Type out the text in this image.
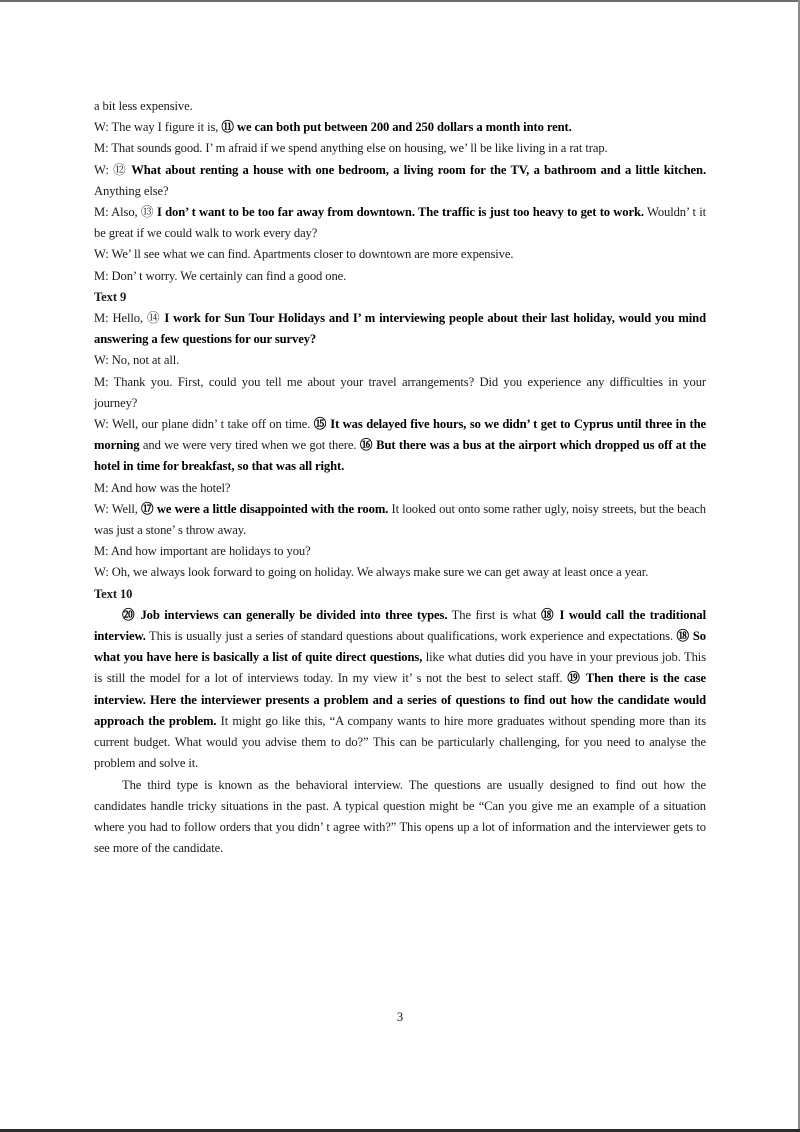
a bit less expensive.

W: The way I figure it is, ⑪ we can both put between 200 and 250 dollars a month into rent.

M: That sounds good. I’ m afraid if we spend anything else on housing, we’ ll be like living in a rat trap.

W: ⑫ What about renting a house with one bedroom, a living room for the TV, a bathroom and a little kitchen. Anything else?

M: Also, ⑬ I don’ t want to be too far away from downtown. The traffic is just too heavy to get to work. Wouldn’ t it be great if we could walk to work every day?

W: We’ ll see what we can find. Apartments closer to downtown are more expensive.

M: Don’ t worry. We certainly can find a good one.

Text 9

M: Hello, ⑭ I work for Sun Tour Holidays and I’ m interviewing people about their last holiday, would you mind answering a few questions for our survey?

W: No, not at all.

M: Thank you. First, could you tell me about your travel arrangements? Did you experience any difficulties in your journey?

W: Well, our plane didn’ t take off on time. ⑮ It was delayed five hours, so we didn’ t get to Cyprus until three in the morning and we were very tired when we got there. ⑯ But there was a bus at the airport which dropped us off at the hotel in time for breakfast, so that was all right.

M: And how was the hotel?

W: Well, ⑰ we were a little disappointed with the room. It looked out onto some rather ugly, noisy streets, but the beach was just a stone’ s throw away.

M: And how important are holidays to you?

W: Oh, we always look forward to going on holiday. We always make sure we can get away at least once a year.

Text 10

⑳ Job interviews can generally be divided into three types. The first is what ⑱ I would call the traditional interview. This is usually just a series of standard questions about qualifications, work experience and expectations. ⑱ So what you have here is basically a list of quite direct questions, like what duties did you have in your previous job. This is still the model for a lot of interviews today. In my view it’ s not the best to select staff. ⑲ Then there is the case interview. Here the interviewer presents a problem and a series of questions to find out how the candidate would approach the problem. It might go like this, “A company wants to hire more graduates without spending more than its current budget. What would you advise them to do?” This can be particularly challenging, for you need to analyse the problem and solve it.

The third type is known as the behavioral interview. The questions are usually designed to find out how the candidates handle tricky situations in the past. A typical question might be “Can you give me an example of a situation where you had to follow orders that you didn’ t agree with?” This opens up a lot of information and the interviewer gets to see more of the candidate.

3
